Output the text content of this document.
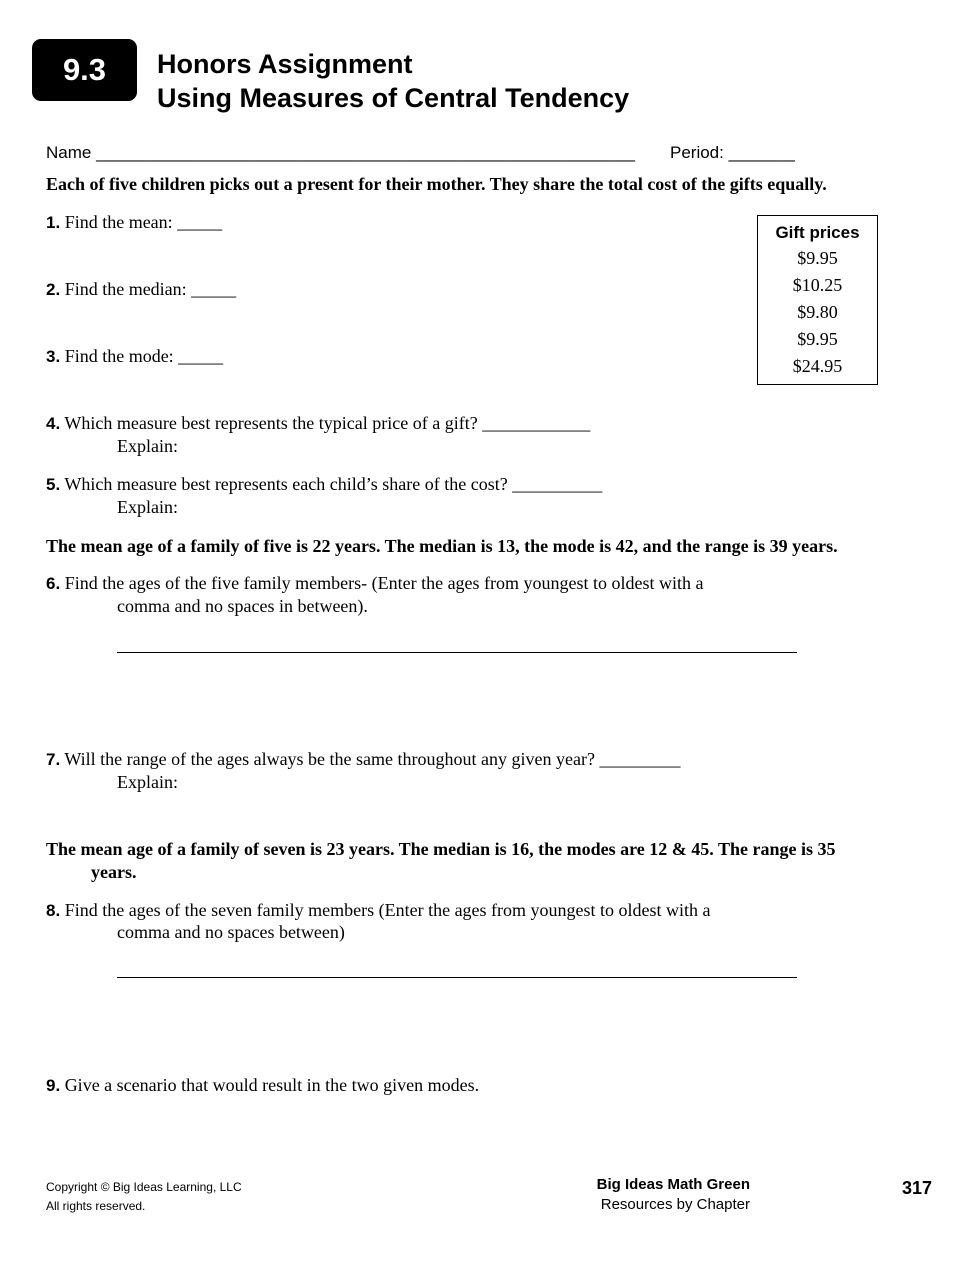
9.3	Honors Assignment
Using Measures of Central Tendency
Name _________________________________________________________ Period: _______
Each of five children picks out a present for their mother. They share the total cost of the gifts equally.
1. Find the mean: _____
2. Find the median: _____
3. Find the mode: _____
Gift prices
$9.95
$10.25
$9.80
$9.95
$24.95
4. Which measure best represents the typical price of a gift? ____________
Explain:
5. Which measure best represents each child’s share of the cost? __________
Explain:
The mean age of a family of five is 22 years. The median is 13, the mode is 42, and the range is 39 years.
6. Find the ages of the five family members- (Enter the ages from youngest to oldest with a
comma and no spaces in between).
7. Will the range of the ages always be the same throughout any given year? _________
Explain:
The mean age of a family of seven is 23 years. The median is 16, the modes are 12 & 45. The range is 35
years.
8. Find the ages of the seven family members (Enter the ages from youngest to oldest with a
comma and no spaces between)
9. Give a scenario that would result in the two given modes.
Copyright © Big Ideas Learning, LLC
All rights reserved.
Big Ideas Math Green
Resources by Chapter
317
